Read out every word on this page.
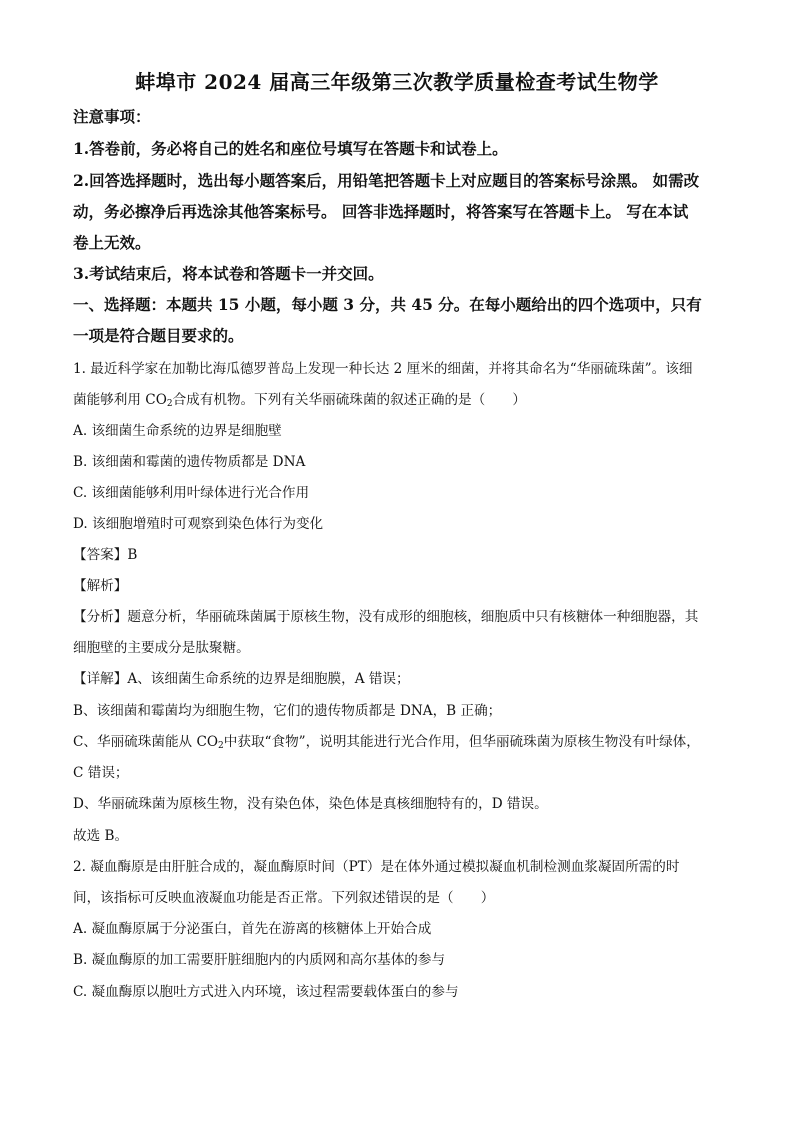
蚌埠市 2024 届高三年级第三次教学质量检查考试生物学
注意事项：
1.答卷前，务必将自己的姓名和座位号填写在答题卡和试卷上。
2.回答选择题时，选出每小题答案后，用铅笔把答题卡上对应题目的答案标号涂黑。 如需改
动，务必擦净后再选涂其他答案标号。 回答非选择题时，将答案写在答题卡上。 写在本试
卷上无效。
3.考试结束后，将本试卷和答题卡一并交回。
一、选择题：本题共 15 小题，每小题 3 分，共 45 分。在每小题给出的四个选项中，只有
一项是符合题目要求的。
1. 最近科学家在加勒比海瓜德罗普岛上发现一种长达 2 厘米的细菌，并将其命名为“华丽硫珠菌”。该细
菌能够利用 $CO_2$合成有机物。下列有关华丽硫珠菌的叙述正确的是（　　）
A. 该细菌生命系统的边界是细胞壁
B. 该细菌和霉菌的遗传物质都是 DNA
C. 该细菌能够利用叶绿体进行光合作用
D. 该细胞增殖时可观察到染色体行为变化
【答案】B
【解析】
【分析】题意分析，华丽硫珠菌属于原核生物，没有成形的细胞核，细胞质中只有核糖体一种细胞器，其
细胞壁的主要成分是肽聚糖。
【详解】A、该细菌生命系统的边界是细胞膜，A 错误；
B、该细菌和霉菌均为细胞生物，它们的遗传物质都是 DNA，B 正确；
C、华丽硫珠菌能从 $CO_2$中获取“食物”，说明其能进行光合作用，但华丽硫珠菌为原核生物没有叶绿体，
C 错误；
D、华丽硫珠菌为原核生物，没有染色体，染色体是真核细胞特有的，D 错误。
故选 B。
2. 凝血酶原是由肝脏合成的，凝血酶原时间（PT）是在体外通过模拟凝血机制检测血浆凝固所需的时
间，该指标可反映血液凝血功能是否正常。下列叙述错误的是（　　）
A. 凝血酶原属于分泌蛋白，首先在游离的核糖体上开始合成
B. 凝血酶原的加工需要肝脏细胞内的内质网和高尔基体的参与
C. 凝血酶原以胞吐方式进入内环境，该过程需要载体蛋白的参与
